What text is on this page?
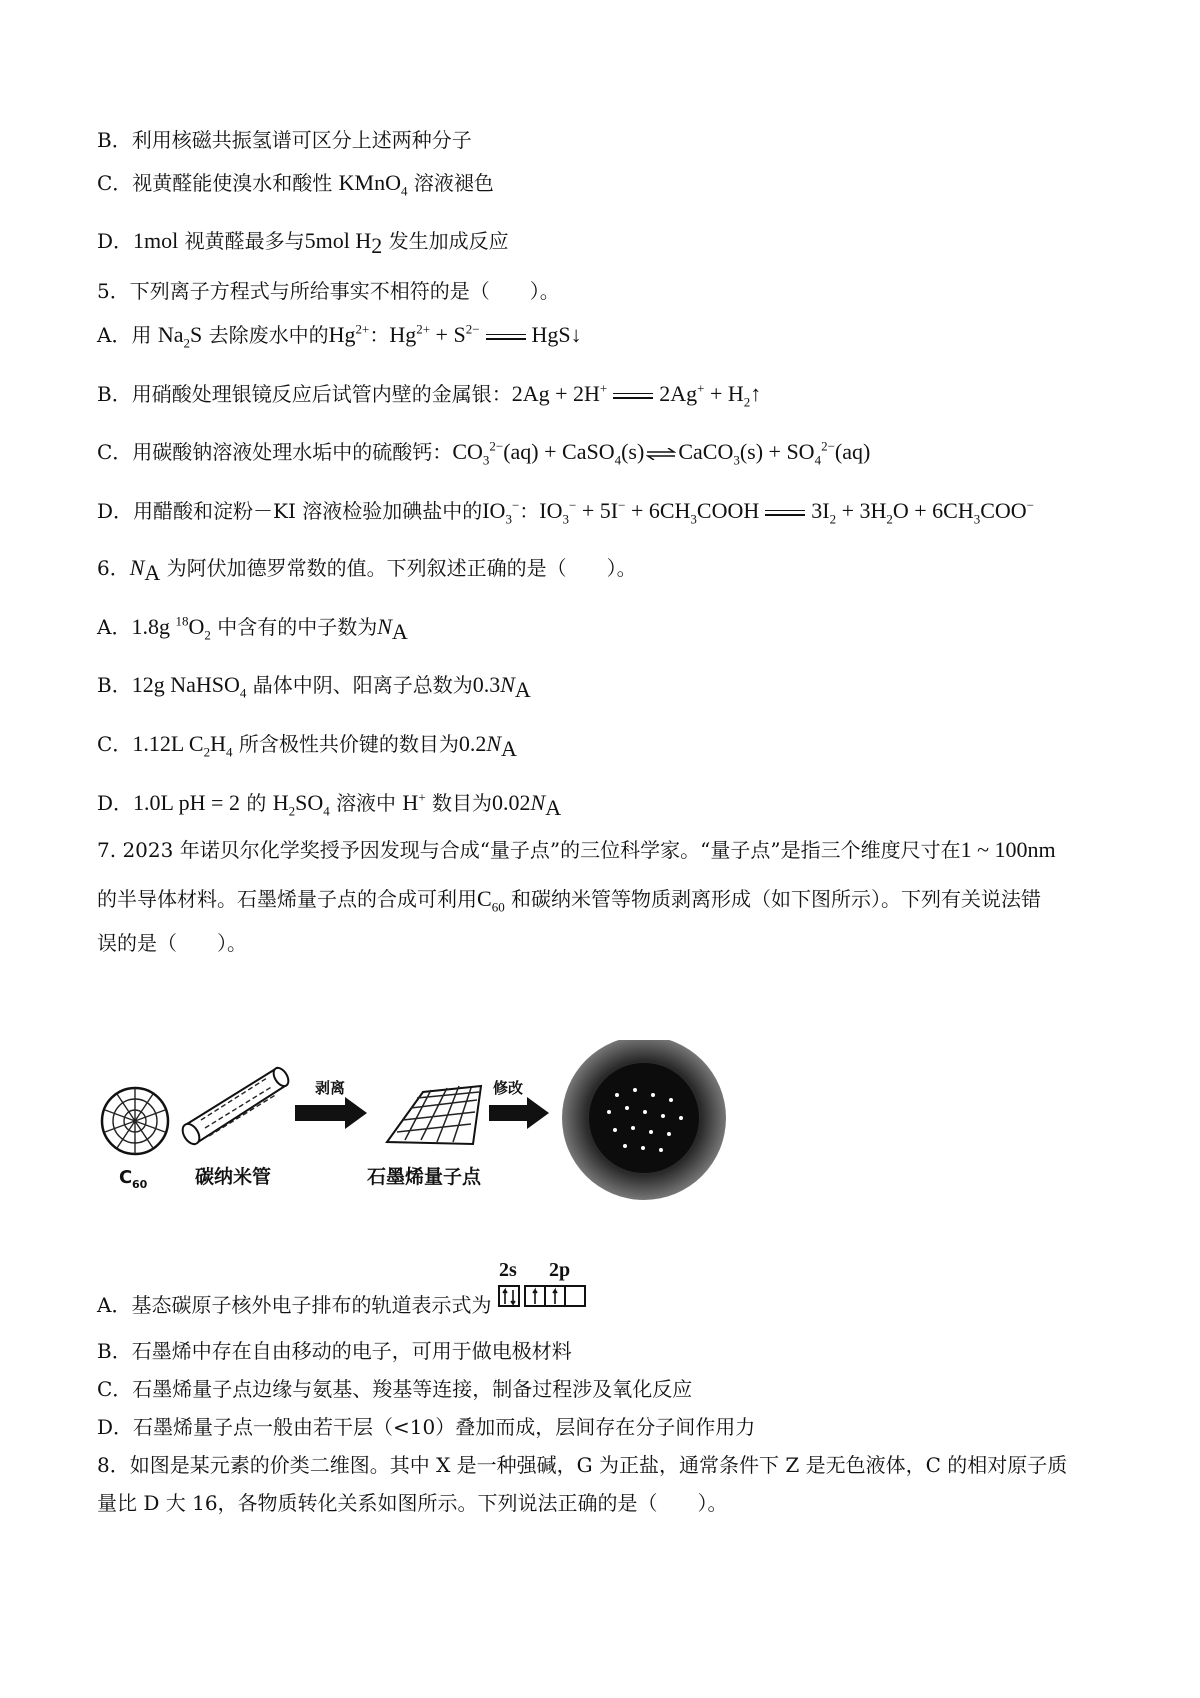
B．利用核磁共振氢谱可区分上述两种分子
C．视黄醛能使溴水和酸性 KMnO$_4$ 溶液褪色
D．1mol 视黄醛最多与5mol $H_2$ 发生加成反应
5．下列离子方程式与所给事实不相符的是（　　）。
A．用 $Na_2S$ 去除废水中的$Hg^{2+}$：$Hg^{2+} + S^{2-}$ HgS↓
B．用硝酸处理银镜反应后试管内壁的金属银：2Ag + 2H+ $2Ag^+ + H_2↑$
C．用碳酸钠溶液处理水垢中的硫酸钙：$CO_3^{2-}(aq)$ + CaSO$_4$(s) ⇌ CaCO$_3$(s) + $SO_4^{2-}(aq)$
D．用醋酸和淀粉－KI 溶液检验加碘盐中的$IO_3^-$：$IO_3^- + 5I^-$ + $6CH_3COOH$ $3I_2 + 3H_2O + 6CH_3COO^-$
6．$N_A$ 为阿伏加德罗常数的值。下列叙述正确的是（　　）。
A．1.8g $^{18}O_2$ 中含有的中子数为$N_A$
B．12g NaHSO$_4$ 晶体中阴、阳离子总数为$0.3N_A$
C．1.12L $C_2H_4$ 所含极性共价键的数目为$0.2N_A$
D．1.0L pH = 2 的 $H_2SO_4$ 溶液中 H+ 数目为$0.02N_A$
7. 2023 年诺贝尔化学奖授予因发现与合成“量子点”的三位科学家。“量子点”是指三个维度尺寸在1 ~ 100nm
的半导体材料。石墨烯量子点的合成可利用$C_{60}$ 和碳纳米管等物质剥离形成（如下图所示）。下列有关说法错
误的是（　　）。
C 60	碳纳米管
剥离
石墨烯量子点
修改
A．基态碳原子核外电子排布的轨道表示式为
2s 2p
B．石墨烯中存在自由移动的电子，可用于做电极材料
C．石墨烯量子点边缘与氨基、羧基等连接，制备过程涉及氧化反应
D．石墨烯量子点一般由若干层（<10）叠加而成，层间存在分子间作用力
8．如图是某元素的价类二维图。其中 X 是一种强碱，G 为正盐，通常条件下 Z 是无色液体，C 的相对原子质
量比 D 大 16，各物质转化关系如图所示。下列说法正确的是（　　）。
